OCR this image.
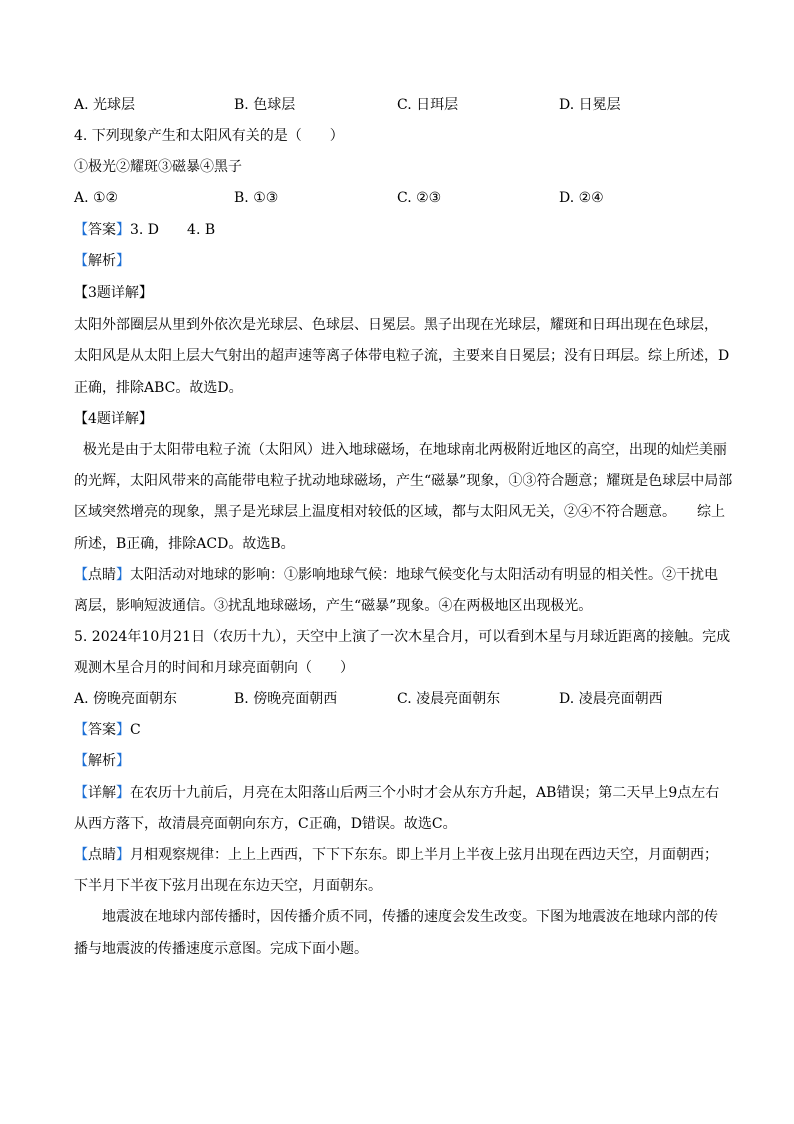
A. 光球层	B. 色球层	C. 日珥层	D. 日冕层
4. 下列现象产生和太阳风有关的是（　　）
①极光②耀斑③磁暴④黑子
A. ①②	B. ①③	C. ②③	D. ②④
【答案】3. D　　4. B
【解析】
【3题详解】
太阳外部圈层从里到外依次是光球层、色球层、日冕层。黑子出现在光球层，耀斑和日珥出现在色球层，
太阳风是从太阳上层大气射出的超声速等离子体带电粒子流，主要来自日冕层；没有日珥层。综上所述，D
正确，排除ABC。故选D。
【4题详解】
极光是由于太阳带电粒子流（太阳风）进入地球磁场，在地球南北两极附近地区的高空，出现的灿烂美丽
的光辉，太阳风带来的高能带电粒子扰动地球磁场，产生“磁暴”现象，①③符合题意；耀斑是色球层中局部
区域突然增亮的现象，黑子是光球层上温度相对较低的区域，都与太阳风无关，②④不符合题意。　　综上
所述，B正确，排除ACD。故选B。
【点睛】太阳活动对地球的影响：①影响地球气候：地球气候变化与太阳活动有明显的相关性。②干扰电
离层，影响短波通信。③扰乱地球磁场，产生“磁暴”现象。④在两极地区出现极光。
5. 2024年10月21日（农历十九），天空中上演了一次木星合月，可以看到木星与月球近距离的接触。完成
观测木星合月的时间和月球亮面朝向（　　）
A. 傍晚亮面朝东	B. 傍晚亮面朝西	C. 凌晨亮面朝东	D. 凌晨亮面朝西
【答案】C
【解析】
【详解】在农历十九前后，月亮在太阳落山后两三个小时才会从东方升起，AB错误；第二天早上9点左右
从西方落下，故清晨亮面朝向东方，C正确，D错误。故选C。
【点睛】月相观察规律：上上上西西，下下下东东。即上半月上半夜上弦月出现在西边天空，月面朝西；
下半月下半夜下弦月出现在东边天空，月面朝东。
　　地震波在地球内部传播时，因传播介质不同，传播的速度会发生改变。下图为地震波在地球内部的传
播与地震波的传播速度示意图。完成下面小题。
